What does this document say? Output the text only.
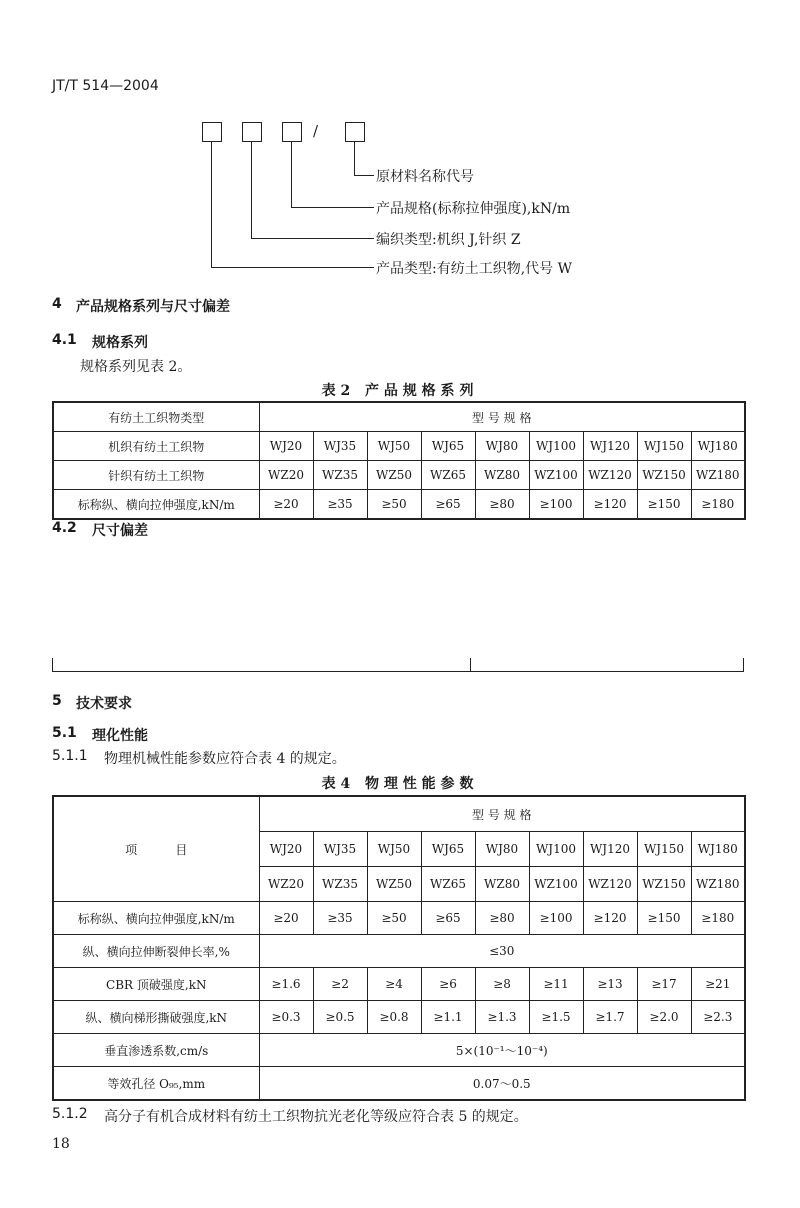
JT/T 514—2004
/
原材料名称代号
产品规格(标称拉伸强度),kN/m
编织类型:机织 J,针织 Z
产品类型:有纺土工织物,代号 W
4 产品规格系列与尺寸偏差
4.1 规格系列
规格系列见表 2。
表2 产品规格系列
有纺土工织物类型	型 号 规 格								
机织有纺土工织物	WJ20	WJ35	WJ50	WJ65	WJ80	WJ100	WJ120	WJ150	WJ180
针织有纺土工织物	WZ20	WZ35	WZ50	WZ65	WZ80	WZ100	WZ120	WZ150	WZ180
标称纵、横向拉伸强度,kN/m	≥20	≥35	≥50	≥65	≥80	≥100	≥120	≥150	≥180
4.2 尺寸偏差
5 技术要求
5.1 理化性能
5.1.1 物理机械性能参数应符合表 4 的规定。
表4 物理性能参数
项          目	型 号 规 格								
	WJ20	WJ35	WJ50	WJ65	WJ80	WJ100	WJ120	WJ150	WJ180
	WZ20	WZ35	WZ50	WZ65	WZ80	WZ100	WZ120	WZ150	WZ180
标称纵、横向拉伸强度,kN/m	≥20	≥35	≥50	≥65	≥80	≥100	≥120	≥150	≥180
纵、横向拉伸断裂伸长率,%	≤30								
CBR 顶破强度,kN	≥1.6	≥2	≥4	≥6	≥8	≥11	≥13	≥17	≥21
纵、横向梯形撕破强度,kN	≥0.3	≥0.5	≥0.8	≥1.1	≥1.3	≥1.5	≥1.7	≥2.0	≥2.3
垂直渗透系数,cm/s	5×(10⁻¹～10⁻⁴)								
等效孔径 O₉₅,mm	0.07～0.5								
5.1.2 高分子有机合成材料有纺土工织物抗光老化等级应符合表 5 的规定。
18
